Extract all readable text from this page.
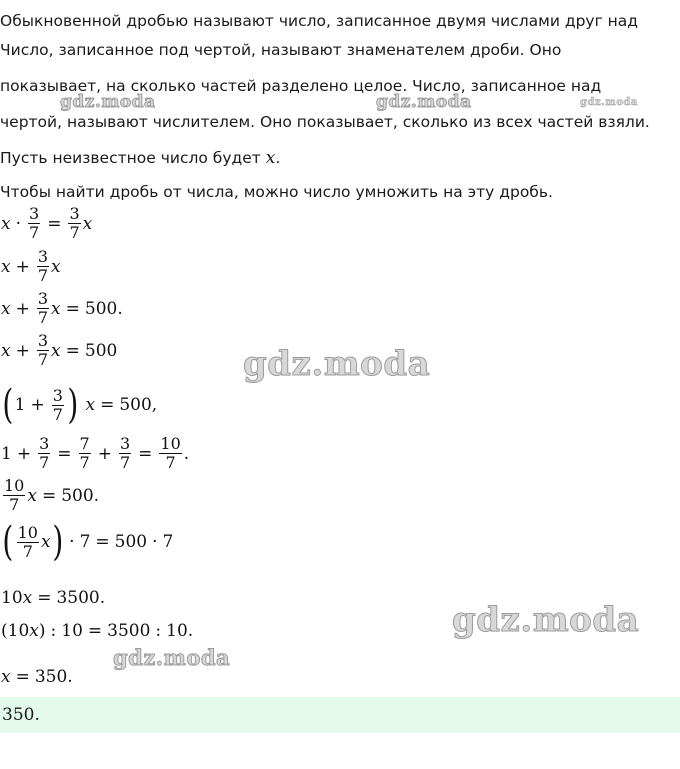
Обыкновенной дробью называют число, записанное двумя числами друг над
Число, записанное под чертой, называют знаменателем дроби. Оно
показывает, на сколько частей разделено целое. Число, записанное над
чертой, называют числителем. Оно показывает, сколько из всех частей взяли.
Пусть неизвестное число будет x.
Чтобы найти дробь от числа, можно число умножить на эту дробь.
$x \cdot \frac{3}{7} = \frac{3}{7}$ x
$x + \frac{3}{7}$ x
$x + \frac{3}{7}$ x = 500.
$x + \frac{3}{7}$ x = 500
( $1 + \frac{3}{7}$ ) x = 500,
$1 + \frac{3}{7} = \frac{7}{7} + \frac{3}{7} = \frac{10}{7}$ .
$\frac{10}{7}$ x = 500.
( $\frac{10}{7}$ x ) · 7 = 500 · 7
10 x = 3500.
( 10 x ) : 10 = 3500 : 10.
x = 350.
350.
gdz.moda	gdz.moda	gdz.moda
gdz.moda
gdz.moda
gdz.moda
